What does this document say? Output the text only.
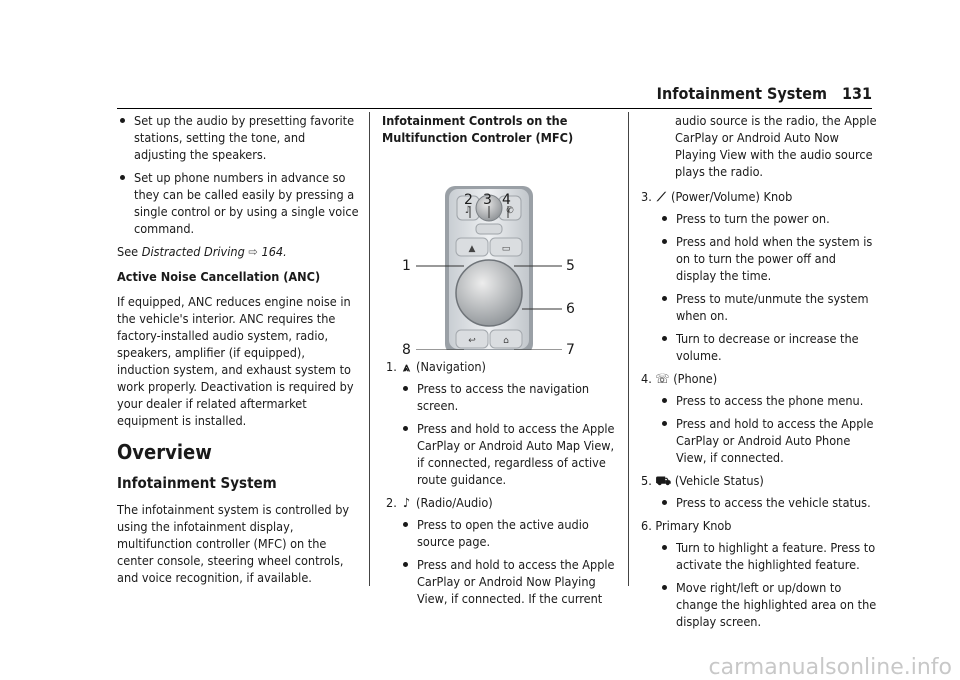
Infotainment System 131
Set up the audio by presetting favorite stations, setting the tone, and adjusting the speakers.
Set up phone numbers in advance so they can be called easily by pressing a single control or by using a single voice command.

See Distracted Driving ⇨ 164.

Active Noise Cancellation (ANC)

If equipped, ANC reduces engine noise in the vehicle's interior. ANC requires the factory-installed audio system, radio, speakers, amplifier (if equipped), induction system, and exhaust system to work properly. Deactivation is required by your dealer if related aftermarket equipment is installed.

Overview
Infotainment System

The infotainment system is controlled by using the infotainment display, multifunction controller (MFC) on the center console, steering wheel controls, and voice recognition, if available.

Infotainment Controls on the Multifunction Controler (MFC)

♪	✆
▲	▭
↩	⌂
1
2 3 4
5
6
7
8
1. ⩓ (Navigation)
Press to access the navigation screen.
Press and hold to access the Apple CarPlay or Android Auto Map View, if connected, regardless of active route guidance.
2. ♪ (Radio/Audio)
Press to open the active audio source page.
Press and hold to access the Apple CarPlay or Android Now Playing View, if connected. If the current

audio source is the radio, the Apple CarPlay or Android Auto Now Playing View with the audio source plays the radio.

3. ⟋ (Power/Volume) Knob
Press to turn the power on.
Press and hold when the system is on to turn the power off and display the time.
Press to mute/unmute the system when on.
Turn to decrease or increase the volume.
4. ☏ (Phone)
Press to access the phone menu.
Press and hold to access the Apple CarPlay or Android Auto Phone View, if connected.
5. ⛟ (Vehicle Status)
Press to access the vehicle status.
6. Primary Knob
Turn to highlight a feature. Press to activate the highlighted feature.
Move right/left or up/down to change the highlighted area on the display screen.
carmanualsonline.info
